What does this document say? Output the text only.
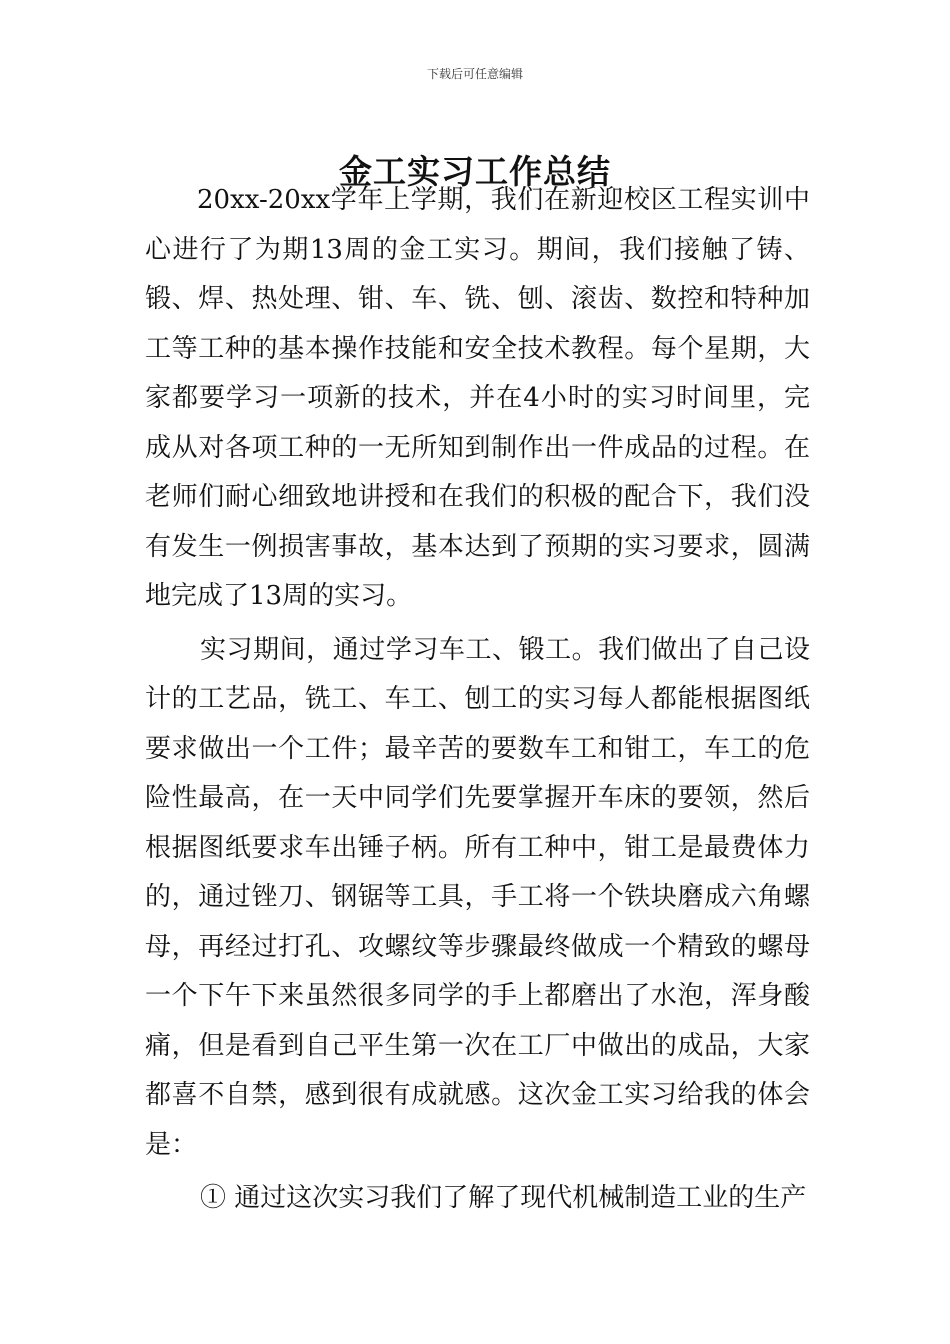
下载后可任意编辑
金工实习工作总结

20xx-20xx学年上学期，我们在新迎校区工程实训中心进行了为期13周的金工实习。期间，我们接触了铸、锻、焊、热处理、钳、车、铣、刨、滚齿、数控和特种加工等工种的基本操作技能和安全技术教程。每个星期，大家都要学习一项新的技术，并在4小时的实习时间里，完成从对各项工种的一无所知到制作出一件成品的过程。在老师们耐心细致地讲授和在我们的积极的配合下，我们没有发生一例损害事故，基本达到了预期的实习要求，圆满地完成了13周的实习。

实习期间，通过学习车工、锻工。我们做出了自己设计的工艺品，铣工、车工、刨工的实习每人都能根据图纸要求做出一个工件；最辛苦的要数车工和钳工，车工的危险性最高，在一天中同学们先要掌握开车床的要领，然后根据图纸要求车出锤子柄。所有工种中，钳工是最费体力的，通过锉刀、钢锯等工具，手工将一个铁块磨成六角螺母，再经过打孔、攻螺纹等步骤最终做成一个精致的螺母一个下午下来虽然很多同学的手上都磨出了水泡，浑身酸痛，但是看到自己平生第一次在工厂中做出的成品，大家都喜不自禁，感到很有成就感。这次金工实习给我的体会是：

① 通过这次实习我们了解了现代机械制造工业的生产
